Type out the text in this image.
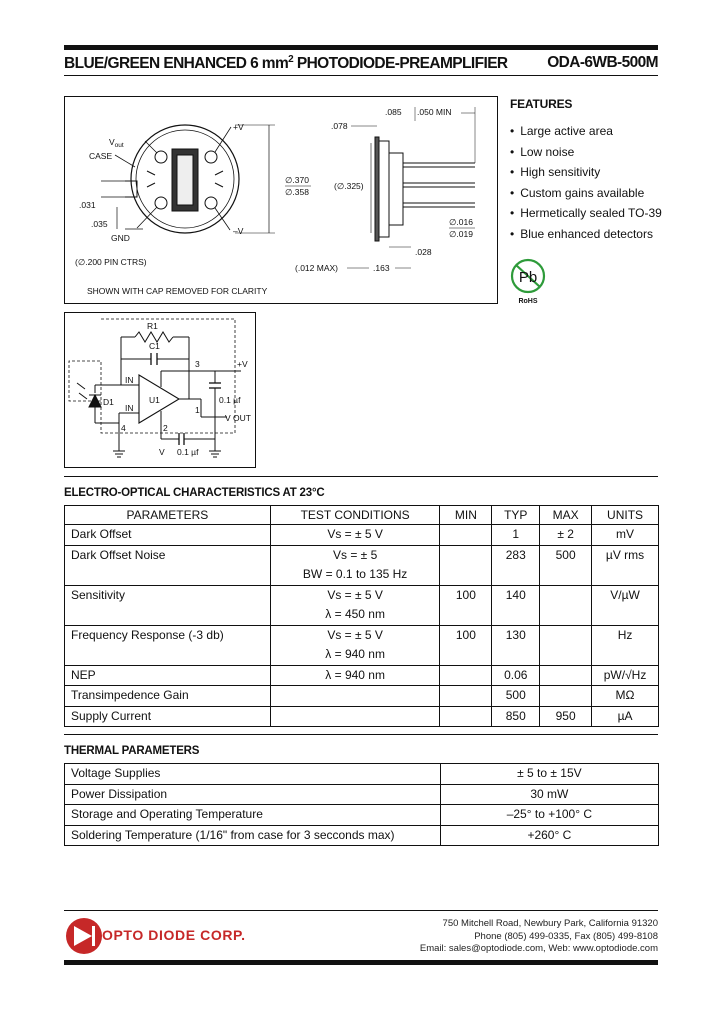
BLUE/GREEN ENHANCED 6 $mm^2$ PHOTODIODE-PREAMPLIFIER	ODA-6WB-500M
$V_{out}$
CASE
+V
–V
GND
.031
.035
(∅.200 PIN CTRS)
∅.370
∅.358
(∅.325)
.078
.085 .050 MIN
∅.016
∅.019
.028
(.012 MAX)	.163
SHOWN WITH CAP REMOVED FOR CLARITY
R1
C1
U1
IN
IN
D1
4
+V
3
0.1 µf
V OUT
1
2
V 0.1 µf
FEATURES
• Large active area
• Low noise
• High sensitivity
• Custom gains available
• Hermetically sealed TO-39
• Blue enhanced detectors
Pb
RoHS
ELECTRO-OPTICAL CHARACTERISTICS AT 23°C
PARAMETERS	TEST CONDITIONS	MIN	TYP	MAX	UNITS

Dark Offset	Vs = ± 5 V		1	± 2	mV

Dark Offset Noise	Vs = ± 5
BW = 0.1 to 135 Hz		283	500	µV rms

Sensitivity	Vs = ± 5 V
λ = 450 nm	100	140		V/µW

Frequency Response (-3 db)	Vs = ± 5 V
λ = 940 nm	100	130		Hz

NEP	λ = 940 nm		0.06		pW/√Hz

Transimpedence Gain			500		MΩ

Supply Current			850	950	µA
THERMAL PARAMETERS
Voltage Supplies	± 5 to ± 15V

Power Dissipation	30 mW

Storage and Operating Temperature	–25° to +100° C

Soldering Temperature (1/16" from case for 3 secconds max)	+260° C
OPTO DIODE CORP.
750 Mitchell Road, Newbury Park, California 91320
Phone (805) 499-0335, Fax (805) 499-8108
Email: sales@optodiode.com, Web: www.optodiode.com
